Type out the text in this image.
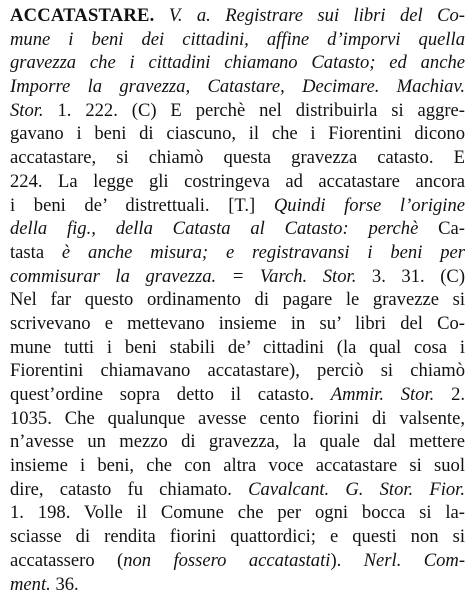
ACCATASTARE. V. a. Registrare sui libri del Co-
mune i beni dei cittadini, affine d’imporvi quella
gravezza che i cittadini chiamano Catasto; ed anche
Imporre la gravezza, Catastare, Decimare. Machiav.
Stor. 1. 222. (C) E perchè nel distribuirla si aggre-
gavano i beni di ciascuno, il che i Fiorentini dicono
accatastare, si chiamò questa gravezza catasto. E
224. La legge gli costringeva ad accatastare ancora
i beni de’ distrettuali. [T.] Quindi forse l’origine
della fig., della Catasta al Catasto: perchè Ca-
tasta è anche misura; e registravansi i beni per
commisurar la gravezza. = Varch. Stor. 3. 31. (C)
Nel far questo ordinamento di pagare le gravezze si
scrivevano e mettevano insieme in su’ libri del Co-
mune tutti i beni stabili de’ cittadini (la qual cosa i
Fiorentini chiamavano accatastare), perciò si chiamò
quest’ordine sopra detto il catasto. Ammir. Stor. 2.
1035. Che qualunque avesse cento fiorini di valsente,
n’avesse un mezzo di gravezza, la quale dal mettere
insieme i beni, che con altra voce accatastare si suol
dire, catasto fu chiamato. Cavalcant. G. Stor. Fior.
1. 198. Volle il Comune che per ogni bocca si la-
sciasse di rendita fiorini quattordici; e questi non si
accatassero (non fossero accatastati). Nerl. Com-
ment. 36.
